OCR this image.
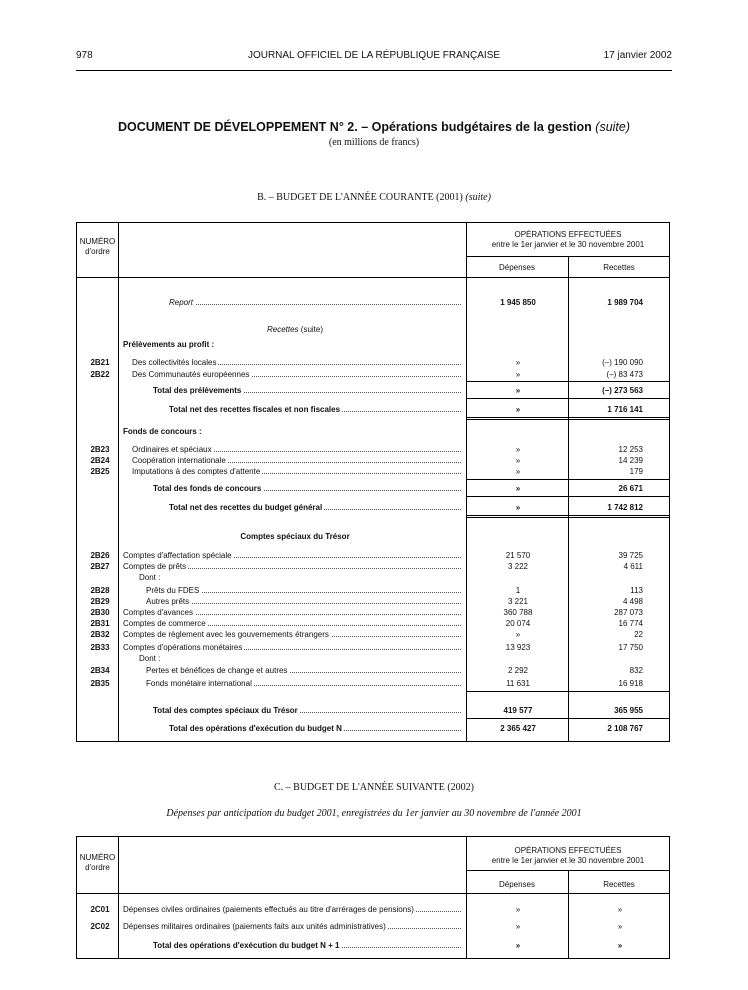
978	JOURNAL OFFICIEL DE LA RÉPUBLIQUE FRANÇAISE	17 janvier 2002
DOCUMENT DE DÉVELOPPEMENT N° 2. – Opérations budgétaires de la gestion (suite)
(en millions de francs)
B. – BUDGET DE L'ANNÉE COURANTE (2001) (suite)
NUMÉRO
d'ordre
OPÉRATIONS EFFECTUÉES
entre le 1er janvier et le 30 novembre 2001
Dépenses	Recettes
Report	1 945 850	1 989 704
Recettes (suite)
Prélèvements au profit :
2B21	Des collectivités locales	»	(–) 190 090
2B22	Des Communautés européennes	»	(–) 83 473
Total des prélèvements	»	(–) 273 563
Total net des recettes fiscales et non fiscales	»	1 716 141
Fonds de concours :
2B23	Ordinaires et spéciaux	»	12 253
2B24	Coopération internationale	»	14 239
2B25	Imputations à des comptes d'attente	»	179
Total des fonds de concours	»	26 671
Total net des recettes du budget général	»	1 742 812
Comptes spéciaux du Trésor
2B26	Comptes d'affectation spéciale	21 570	39 725
2B27	Comptes de prêts	3 222	4 611
Dont :
2B28	Prêts du FDES	1	113
2B29	Autres prêts	3 221	4 498
2B30	Comptes d'avances	360 788	287 073
2B31	Comptes de commerce	20 074	16 774
2B32	Comptes de règlement avec les gouvernements étrangers	»	22
2B33	Comptes d'opérations monétaires	13 923	17 750
Dont :
2B34	Pertes et bénéfices de change et autres	2 292	832
2B35	Fonds monétaire international	11 631	16 918
Total des comptes spéciaux du Trésor	419 577	365 955
Total des opérations d'exécution du budget N	2 365 427	2 108 767
C. – BUDGET DE L'ANNÉE SUIVANTE (2002)
Dépenses par anticipation du budget 2001, enregistrées du 1er janvier au 30 novembre de l'année 2001
NUMÉRO
d'ordre
OPÉRATIONS EFFECTUÉES
entre le 1er janvier et le 30 novembre 2001
Dépenses	Recettes
2C01	Dépenses civiles ordinaires (paiements effectués au titre d'arrérages de pensions)	»	»
2C02	Dépenses militaires ordinaires (paiements faits aux unités administratives)	»	»
Total des opérations d'exécution du budget N + 1	»	»
